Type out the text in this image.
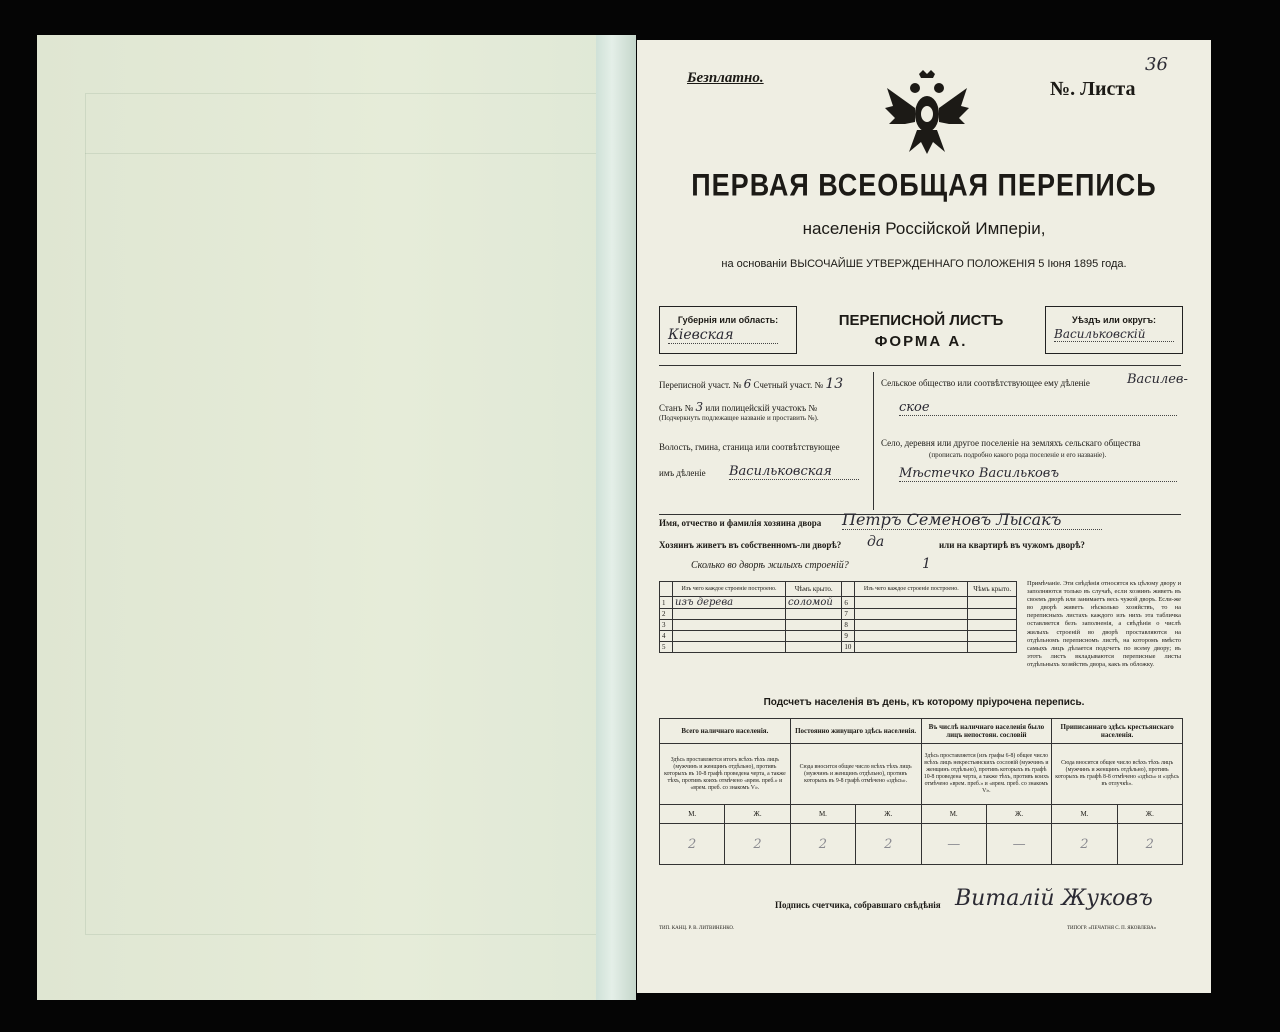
Безплатно.	№. Листа
36
ПЕРВАЯ ВСЕОБЩАЯ ПЕРЕПИСЬ
населенія Россійской Имперіи,
на основаніи ВЫСОЧАЙШЕ УТВЕРЖДЕННАГО ПОЛОЖЕНІЯ 5 Іюня 1895 года.
Губернія или область:
Кіевская
ПЕРЕПИСНОЙ ЛИСТЪ
ФОРМА А.
Уѣздъ или округъ:
Васильковскій
Переписной участ. № 6 Счетный участ. № 13
Станъ № 3 или полицейскій участокъ №
(Подчеркнуть подлежащее названіе и проставить №).
Волость, гмина, станица или соотвѣтствующее
имъ дѣленіе Васильковская
Сельское общество или соотвѣтствующее ему дѣленіе	Василев-
ское
Село, деревня или другое поселеніе на земляхъ сельскаго общества
(прописать подробно какого рода поселеніе и его названіе).
Мѣстечко Васильковъ
Имя, отчество и фамилія хозяина двора Петръ Семеновъ Лысакъ
Хозяинъ живетъ въ собственномъ-ли дворѣ? да	или на квартирѣ въ чужомъ дворѣ?
Сколько во дворѣ жилыхъ строеній?	1
	Изъ чего каждое строеніе построено.	Чѣмъ крыто.		Изъ чего каждое строеніе построено.	Чѣмъ крыто.
1	изъ дерева	соломой	6		
2			7		
3			8		
4			9		
5			10		
Примѣчаніе. Эти свѣдѣнія относятся къ цѣлому двору и заполняются только въ случаѣ, если хозяинъ живетъ въ своемъ дворѣ или занимаетъ весь чужой дворъ. Если-же во дворѣ живетъ нѣсколько хозяйствъ, то на переписныхъ листахъ каждого изъ нихъ эта табличка оставляется безъ заполненія, а свѣдѣнія о числѣ жилыхъ строеній во дворѣ проставляются на отдѣльномъ переписномъ листѣ, на которомъ вмѣсто самыхъ лицъ дѣлается подсчетъ по всему двору; въ этотъ листъ вкладываются переписные листы отдѣльныхъ хозяйствъ двора, какъ въ обложку.
Подсчетъ населенія въ день, къ которому пріурочена перепись.
Всего наличнаго населенія.		Постоянно живущаго здѣсь населенія.		Въ числѣ наличнаго населенія было лицъ непостоян. сословій		Приписаннаго здѣсь крестьянскаго населенія.	
Здѣсь проставляется итогъ всѣхъ тѣхъ лицъ (мужчинъ и женщинъ отдѣльно), противъ которыхъ въ 10-8 графѣ проведена черта, а также тѣхъ, противъ коихъ отмѣчено «врем. преб.» и «врем. преб. со знакомъ V».		Сюда вносится общее число всѣхъ тѣхъ лицъ (мужчинъ и женщинъ отдѣльно), противъ которыхъ въ 9-8 графѣ отмѣчено «здѣсь».		Здѣсь проставляется (изъ графы 6-8) общее число всѣхъ лицъ некрестьянскихъ сословій (мужчинъ и женщинъ отдѣльно), противъ которыхъ въ графѣ 10-8 проведена черта, а также тѣхъ, противъ коихъ отмѣчено «врем. преб.» и «врем. преб. со знакомъ V».		Сюда вносится общее число всѣхъ тѣхъ лицъ (мужчинъ и женщинъ отдѣльно), противъ которыхъ въ графѣ 8-8 отмѣчено «здѣсь» и «здѣсь въ отлучкѣ».	
М.	Ж.	М.	Ж.	М.	Ж.	М.	Ж.
2	2	2	2	—	—	2	2
Подпись счетчика, собравшаго свѣдѣнія Виталій Жуковъ
ТИП. КАНЦ. Р. В. ЛИТВИНЕНКО.	ТИПОГР. «ПЕЧАТНЯ С. П. ЯКОВЛЕВА»
